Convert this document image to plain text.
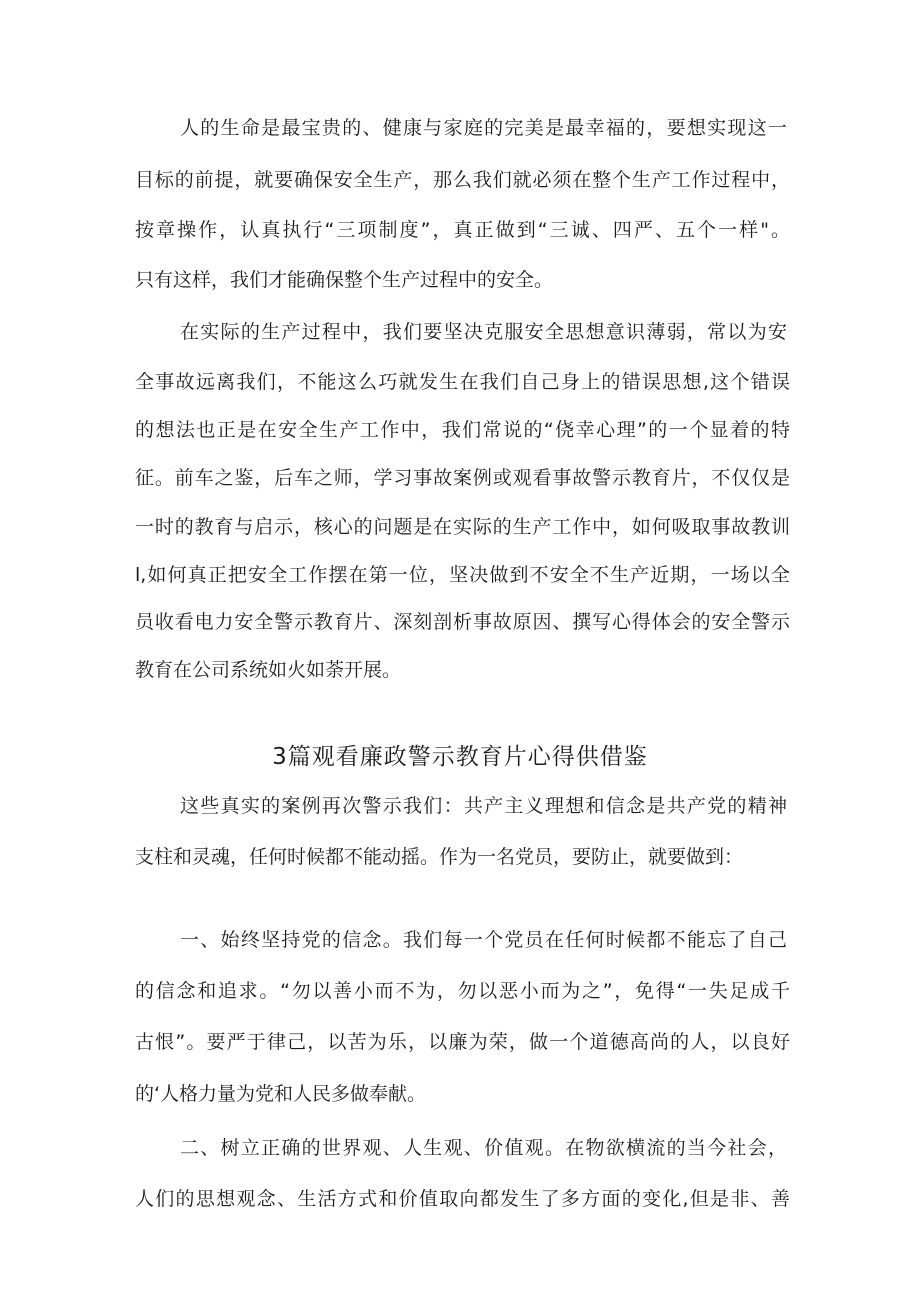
人的生命是最宝贵的、健康与家庭的完美是最幸福的，要想实现这一
目标的前提，就要确保安全生产，那么我们就必须在整个生产工作过程中，
按章操作，认真执行“三项制度”，真正做到“三诚、四严、五个一样"。
只有这样，我们才能确保整个生产过程中的安全。
在实际的生产过程中，我们要坚决克服安全思想意识薄弱，常以为安
全事故远离我们，不能这么巧就发生在我们自己身上的错误思想,这个错误
的想法也正是在安全生产工作中，我们常说的“侥幸心理”的一个显着的特
征。前车之鉴，后车之师，学习事故案例或观看事故警示教育片，不仅仅是
一时的教育与启示，核心的问题是在实际的生产工作中，如何吸取事故教训
l,如何真正把安全工作摆在第一位，坚决做到不安全不生产近期，一场以全
员收看电力安全警示教育片、深刻剖析事故原因、撰写心得体会的安全警示
教育在公司系统如火如荼开展。
3篇观看廉政警示教育片心得供借鉴
这些真实的案例再次警示我们：共产主义理想和信念是共产党的精神
支柱和灵魂，任何时候都不能动摇。作为一名党员，要防止，就要做到：
一、始终坚持党的信念。我们每一个党员在任何时候都不能忘了自己
的信念和追求。“勿以善小而不为，勿以恶小而为之”，免得“一失足成千
古恨”。要严于律己，以苦为乐，以廉为荣，做一个道德高尚的人，以良好
的‘人格力量为党和人民多做奉献。
二、树立正确的世界观、人生观、价值观。在物欲横流的当今社会，
人们的思想观念、生活方式和价值取向都发生了多方面的变化,但是非、善
